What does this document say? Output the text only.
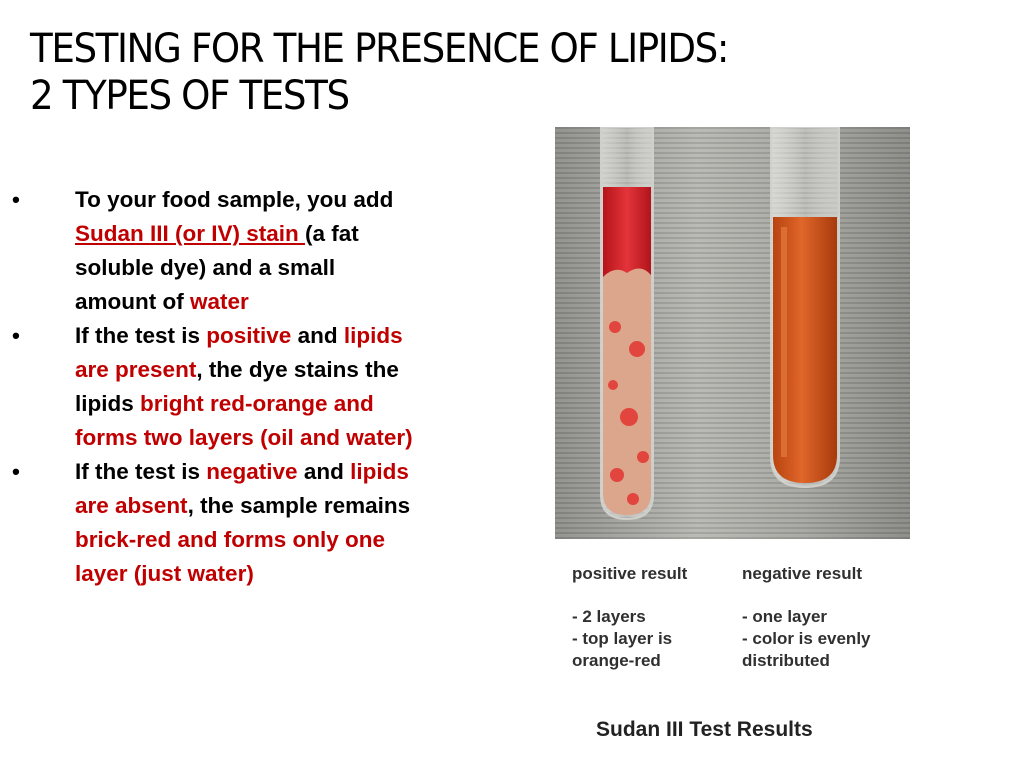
TESTING FOR THE PRESENCE OF LIPIDS:
2 TYPES OF TESTS
• To your food sample, you add Sudan III (or IV) stain (a fat soluble dye) and a small amount of water
• If the test is positive and lipids are present, the dye stains the lipids bright red-orange and forms two layers (oil and water)
• If the test is negative and lipids are absent, the sample remains brick-red and forms only one layer (just water)	positive result
- 2 layers
- top layer is
orange-red
negative result
- one layer
- color is evenly
distributed
Sudan III Test Results
